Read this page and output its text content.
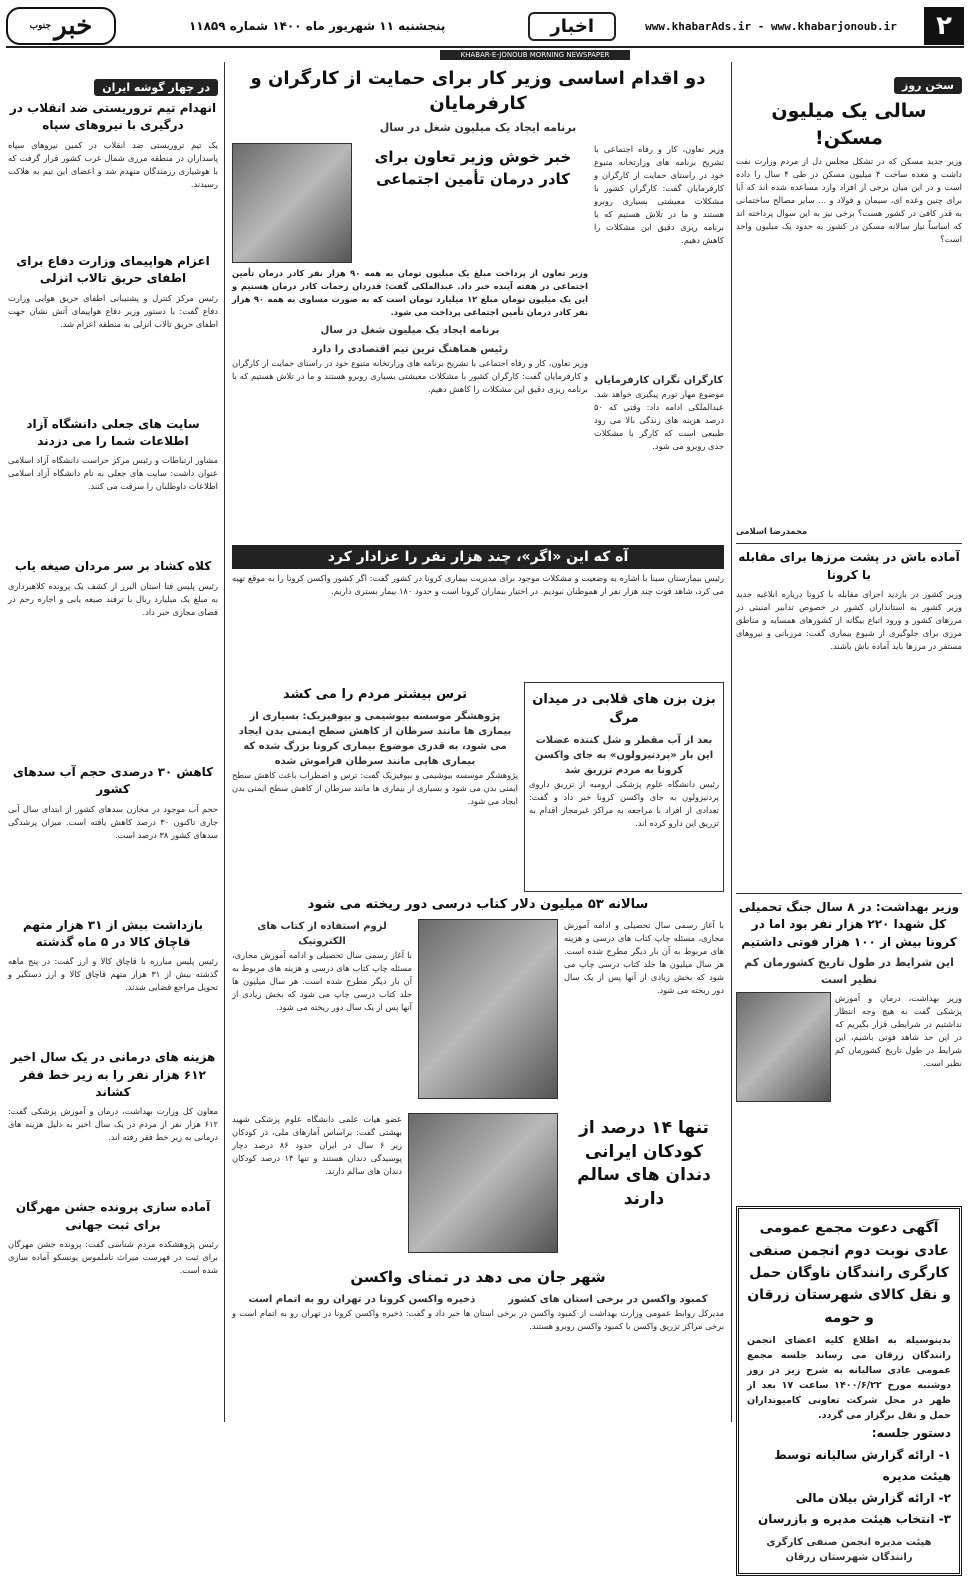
۲
www.khabarAds.ir - www.khabarjonoub.ir
اخبار
پنجشنبه ۱۱ شهریور ماه ۱۴۰۰ شماره ۱۱۸۵۹
خبر
جنوب
KHABAR-E-JONOUB MORNING NEWSPAPER
سخن روز
سالی یک میلیون مسکن!
وزیر جدید مسکن که در تشکل مجلس دل از مردم وزارت نفت داشت و معده ساخت ۴ میلیون مسکن در طی ۴ سال را داده است و در این میان برخی از افراد وارد مساعده شده اند که آیا برای چنین وعده ای، سیمان و فولاد و ... سایر مصالح ساختمانی به قدر کافی در کشور هست؟ برخی نیز به این سوال پرداخته اند که اساساً نیاز سالانه مسکن در کشور به حدود یک میلیون واحد است؟
محمدرضا اسلامی
آماده باش در پشت مرزها برای مقابله با کرونا
وزیر کشور در بازدید اجرای مقابله با کرونا درباره ابلاغیه جدید وزیر کشور به استانداران کشور در خصوص تدابیر امنیتی در مرزهای کشور و ورود اتباع بیگانه از کشورهای همسایه و مناطق مرزی برای جلوگیری از شیوع بیماری گفت: مرزبانی و نیروهای مستقر در مرزها باید آماده باش باشند.
وزیر بهداشت: در ۸ سال جنگ تحمیلی کل شهدا ۲۲۰ هزار نفر بود اما در کرونا بیش از ۱۰۰ هزار فوتی داشتیم
این شرایط در طول تاریخ کشورمان کم نظیر است
وزیر بهداشت، درمان و آموزش پزشکی گفت به هیچ وجه انتظار نداشتیم در شرایطی قرار بگیریم که در این حد شاهد فوتی باشیم، این شرایط در طول تاریخ کشورمان کم نظیر است.
آگهی دعوت مجمع عمومی عادی نوبت دوم انجمن صنفی کارگری رانندگان ناوگان حمل و نقل کالای شهرستان زرقان و حومه
بدینوسیله به اطلاع کلیه اعضای انجمن رانندگان زرقان می رساند جلسه مجمع عمومی عادی سالیانه به شرح زیر در روز دوشنبه مورخ ۱۴۰۰/۶/۲۲ ساعت ۱۷ بعد از ظهر در محل شرکت تعاونی کامیونداران حمل و نقل برگزار می گردد.
دستور جلسه:
۱- ارائه گزارش سالیانه توسط هیئت مدیره
۲- ارائه گزارش بیلان مالی
۳- انتخاب هیئت مدیره و بازرسان
هیئت مدیره انجمن صنفی کارگری رانندگان شهرستان زرقان
دو اقدام اساسی وزیر کار برای حمایت از کارگران و کارفرمایان
برنامه ایجاد یک میلیون شغل در سال
وزیر تعاون، کار و رفاه اجتماعی با تشریح برنامه های وزارتخانه متبوع خود در راستای حمایت از کارگران و کارفرمایان گفت: کارگران کشور با مشکلات معیشتی بسیاری روبرو هستند و ما در تلاش هستیم که با برنامه ریزی دقیق این مشکلات را کاهش دهیم.
کارگران نگران کارفرمایان
موضوع مهار تورم پیگیری خواهد شد. عبدالملکی ادامه داد: وقتی که ۵۰ درصد هزینه های زندگی بالا می رود طبیعی است که کارگر با مشکلات جدی روبرو می شود.
خبر خوش وزیر تعاون برای کادر درمان تأمین اجتماعی
وزیر تعاون از پرداخت مبلغ یک میلیون تومان به همه ۹۰ هزار نفر کادر درمان تأمین اجتماعی در هفته آینده خبر داد. عبدالملکی گفت: قدردان زحمات کادر درمان هستیم و این یک میلیون تومان مبلغ ۱۲ میلیارد تومان است که به صورت مساوی به همه ۹۰ هزار نفر کادر درمان تأمین اجتماعی پرداخت می شود.
برنامه ایجاد یک میلیون شغل در سال
رئیس هماهنگ ترین تیم اقتصادی را دارد
وزیر تعاون، کار و رفاه اجتماعی با تشریح برنامه های وزارتخانه متبوع خود در راستای حمایت از کارگران و کارفرمایان گفت: کارگران کشور با مشکلات معیشتی بسیاری روبرو هستند و ما در تلاش هستیم که با برنامه ریزی دقیق این مشکلات را کاهش دهیم.
آه که این «اگر»، چند هزار نفر را عزادار کرد
رئیس بیمارستان سینا با اشاره به وضعیت و مشکلات موجود برای مدیریت بیماری کرونا در کشور گفت: اگر کشور واکسن کرونا را به موقع تهیه می کرد، شاهد فوت چند هزار نفر از هموطنان نبودیم. در اختیار بیماران کرونا است و حدود ۱۸۰ بیمار بستری داریم.
بزن بزن های قلابی در میدان مرگ
بعد از آب مقطر و شل کننده عضلات این بار «پردنیزولون» به جای واکسن کرونا به مردم تزریق شد
رئیس دانشگاه علوم پزشکی ارومیه از تزریق داروی پردنیزولون به جای واکسن کرونا خبر داد و گفت: تعدادی از افراد با مراجعه به مراکز غیرمجاز اقدام به تزریق این دارو کرده اند.
ترس بیشتر مردم را می کشد
پژوهشگر موسسه بیوشیمی و بیوفیزیک: بسیاری از بیماری ها مانند سرطان از کاهش سطح ایمنی بدن ایجاد می شود، به قدری موضوع بیماری کرونا بزرگ شده که بیماری هایی مانند سرطان فراموش شده
پژوهشگر موسسه بیوشیمی و بیوفیزیک گفت: ترس و اضطراب باعث کاهش سطح ایمنی بدن می شود و بسیاری از بیماری ها مانند سرطان از کاهش سطح ایمنی بدن ایجاد می شود.
سالانه ۵۳ میلیون دلار کتاب درسی دور ریخته می شود
با آغاز رسمی سال تحصیلی و ادامه آموزش مجازی، مسئله چاپ کتاب های درسی و هزینه های مربوط به آن بار دیگر مطرح شده است. هر سال میلیون ها جلد کتاب درسی چاپ می شود که بخش زیادی از آنها پس از یک سال دور ریخته می شود.
لزوم استفاده از کتاب های الکترونیک
با آغاز رسمی سال تحصیلی و ادامه آموزش مجازی، مسئله چاپ کتاب های درسی و هزینه های مربوط به آن بار دیگر مطرح شده است. هر سال میلیون ها جلد کتاب درسی چاپ می شود که بخش زیادی از آنها پس از یک سال دور ریخته می شود.
تنها ۱۴ درصد از کودکان ایرانی دندان های سالم دارند
عضو هیات علمی دانشگاه علوم پزشکی شهید بهشتی گفت: براساس آمارهای ملی، در کودکان زیر ۶ سال در ایران حدود ۸۶ درصد دچار پوسیدگی دندان هستند و تنها ۱۴ درصد کودکان دندان های سالم دارند.
شهر جان می دهد در تمنای واکسن
کمبود واکسن در برخی استان های کشور
ذخیره واکسن کرونا در تهران رو به اتمام است
مدیرکل روابط عمومی وزارت بهداشت از کمبود واکسن در برخی استان ها خبر داد و گفت: ذخیره واکسن کرونا در تهران رو به اتمام است و برخی مراکز تزریق واکسن با کمبود واکسن روبرو هستند.
در چهار گوشه ایران
انهدام تیم تروریستی ضد انقلاب در درگیری با نیروهای سپاه
یک تیم تروریستی ضد انقلاب در کمین نیروهای سپاه پاسداران در منطقه مرزی شمال غرب کشور قرار گرفت که با هوشیاری رزمندگان منهدم شد و اعضای این تیم به هلاکت رسیدند.
اعزام هواپیمای وزارت دفاع برای اطفای حریق تالاب انزلی
رئیس مرکز کنترل و پشتیبانی اطفای حریق هوایی وزارت دفاع گفت: با دستور وزیر دفاع هواپیمای آتش نشان جهت اطفای حریق تالاب انزلی به منطقه اعزام شد.
سایت های جعلی دانشگاه آزاد اطلاعات شما را می دزدند
مشاور ارتباطات و رئیس مرکز حراست دانشگاه آزاد اسلامی عنوان داشت: سایت های جعلی به نام دانشگاه آزاد اسلامی اطلاعات داوطلبان را سرقت می کنند.
کلاه کشاد بر سر مردان صیغه یاب
رئیس پلیس فتا استان البرز از کشف یک پرونده کلاهبرداری به مبلغ یک میلیارد ریال با ترفند صیغه یابی و اجاره رحم در فضای مجازی خبر داد.
کاهش ۳۰ درصدی حجم آب سدهای کشور
حجم آب موجود در مخازن سدهای کشور از ابتدای سال آبی جاری تاکنون ۳۰ درصد کاهش یافته است. میزان پرشدگی سدهای کشور ۳۸ درصد است.
بازداشت بیش از ۳۱ هزار متهم قاچاق کالا در ۵ ماه گذشته
رئیس پلیس مبارزه با قاچاق کالا و ارز گفت: در پنج ماهه گذشته بیش از ۳۱ هزار متهم قاچاق کالا و ارز دستگیر و تحویل مراجع قضایی شدند.
هزینه های درمانی در یک سال اخیر ۶۱۲ هزار نفر را به زیر خط فقر کشاند
معاون کل وزارت بهداشت، درمان و آموزش پزشکی گفت: ۶۱۲ هزار نفر از مردم در یک سال اخیر به دلیل هزینه های درمانی به زیر خط فقر رفته اند.
آماده سازی پرونده جشن مهرگان برای ثبت جهانی
رئیس پژوهشکده مردم شناسی گفت: پرونده جشن مهرگان برای ثبت در فهرست میراث ناملموس یونسکو آماده سازی شده است.
